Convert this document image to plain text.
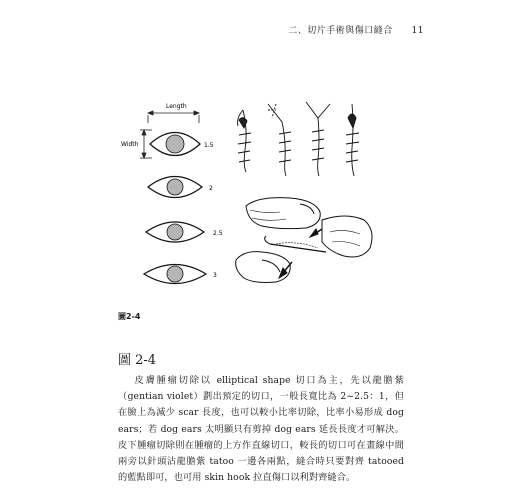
二、切片手術與傷口縫合 11
Length
Width	1.5
2
2.5
3
圖2-4
圖 2-4
皮膚腫瘤切除以 elliptical shape 切口為主，先以龍膽紫（gentian violet）劃出預定的切口，一般長寬比為 2~2.5：1，但在臉上為減少 scar 長度，也可以較小比率切除，比率小易形成 dog ears；若 dog ears 太明顯只有剪掉 dog ears 延長長度才可解決。皮下腫瘤切除則在腫瘤的上方作直線切口，較長的切口可在畫線中間兩旁以針頭沾龍膽紫 tatoo 一邊各兩點，縫合時只要對齊 tatooed 的藍點即可，也可用 skin hook 拉直傷口以利對齊縫合。
